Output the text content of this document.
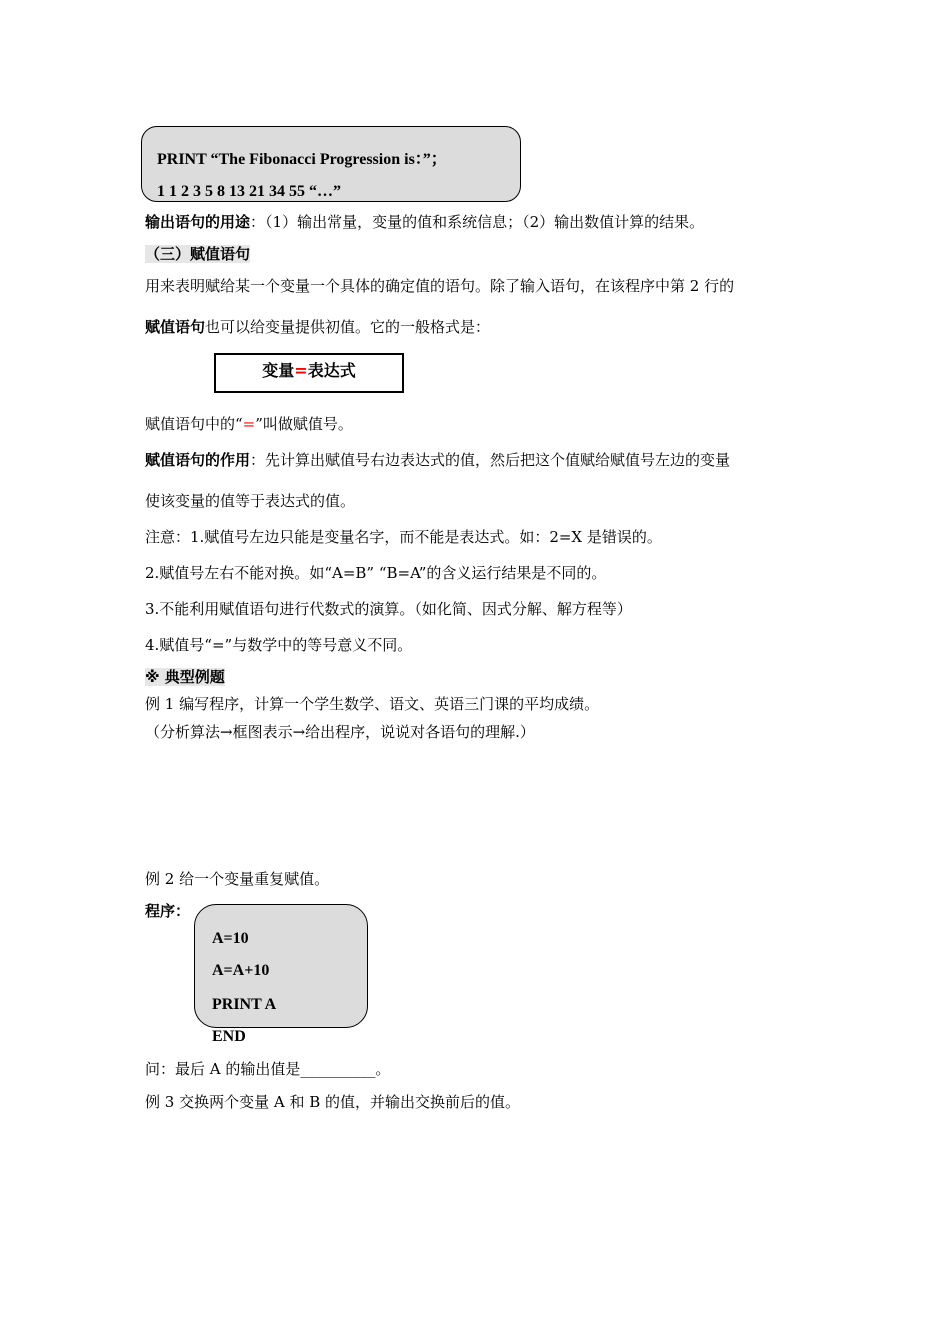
PRINT “The Fibonacci Progression is：”；
1 1 2 3 5 8 13 21 34 55 “…”
输出语句的用途：（1）输出常量，变量的值和系统信息；（2）输出数值计算的结果。
（三）赋值语句
用来表明赋给某一个变量一个具体的确定值的语句。除了输入语句，在该程序中第 2 行的
赋值语句也可以给变量提供初值。它的一般格式是：
变量=表达式
赋值语句中的“=”叫做赋值号。
赋值语句的作用：先计算出赋值号右边表达式的值，然后把这个值赋给赋值号左边的变量
使该变量的值等于表达式的值。
注意：1.赋值号左边只能是变量名字，而不能是表达式。如：2=X 是错误的。
2.赋值号左右不能对换。如“A=B” “B=A”的含义运行结果是不同的。
3.不能利用赋值语句进行代数式的演算。（如化简、因式分解、解方程等）
4.赋值号“=”与数学中的等号意义不同。
※ 典型例题
例 1 编写程序，计算一个学生数学、语文、英语三门课的平均成绩。
（分析算法→框图表示→给出程序，说说对各语句的理解.）
例 2 给一个变量重复赋值。
程序：
A=10
A=A+10
PRINT A
END
问：最后 A 的输出值是__________。
例 3 交换两个变量 A 和 B 的值，并输出交换前后的值。
